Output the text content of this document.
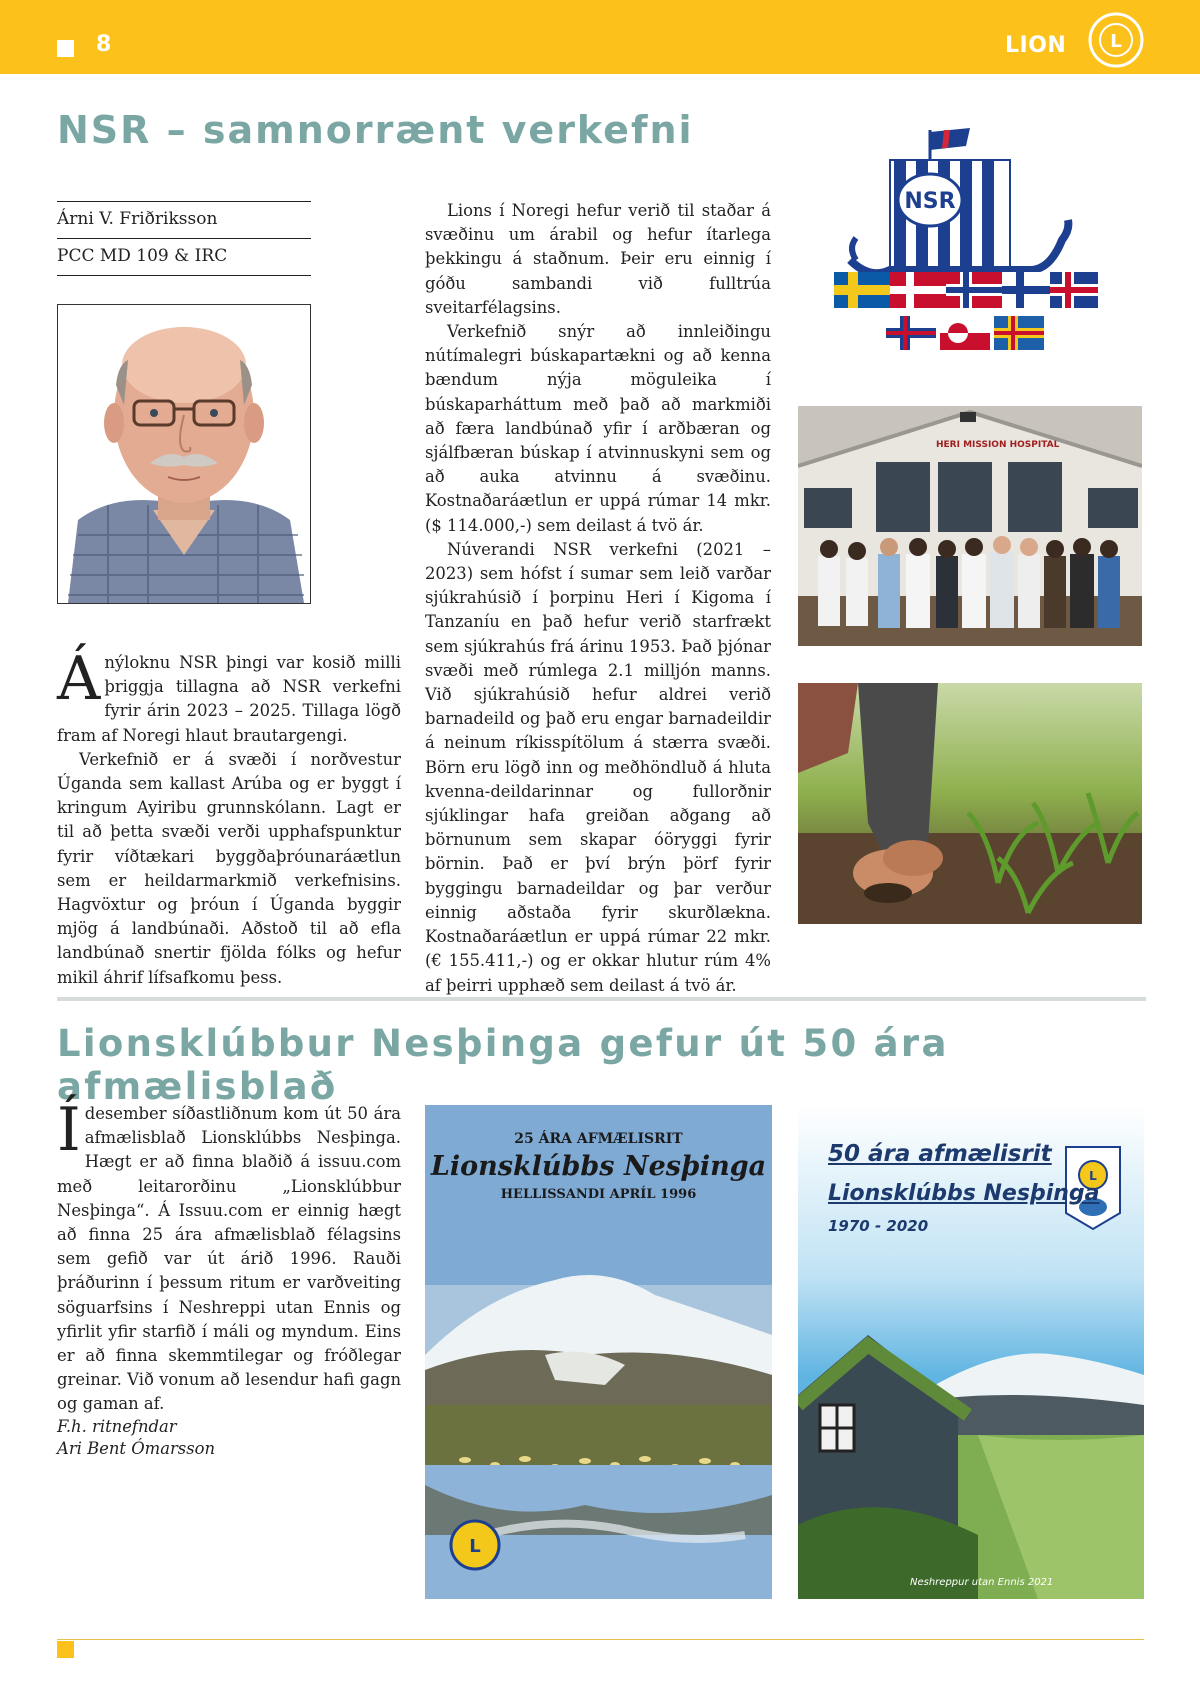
8	LION L
NSR – samnorrænt verkefni
Árni V. Friðriksson
PCC MD 109 & IRC

Ánýloknu NSR þingi var kosið milli þriggja tillagna að NSR verkefni fyrir árin 2023 – 2025. Tillaga lögð fram af Noregi hlaut brautargengi.

Verkefnið er á svæði í norðvestur Úganda sem kallast Arúba og er byggt í kringum Ayiribu grunnskólann. Lagt er til að þetta svæði verði upphafspunktur fyrir víðtækari byggðaþróunaráætlun sem er heildarmarkmið verkefnisins. Hagvöxtur og þróun í Úganda byggir mjög á landbúnaði. Aðstoð til að efla landbúnað snertir fjölda fólks og hefur mikil áhrif lífsafkomu þess.

Lions í Noregi hefur verið til staðar á svæðinu um árabil og hefur ítarlega þekkingu á staðnum. Þeir eru einnig í góðu sambandi við fulltrúa sveitarfélagsins.

Verkefnið snýr að innleiðingu nútímalegri búskapartækni og að kenna bændum nýja möguleika í búskaparháttum með það að markmiði að færa landbúnað yfir í arðbæran og sjálfbæran búskap í atvinnuskyni sem og að auka atvinnu á svæðinu. Kostnaðaráætlun er uppá rúmar 14 mkr. ($ 114.000,-) sem deilast á tvö ár.

Núverandi NSR verkefni (2021 – 2023) sem hófst í sumar sem leið varðar sjúkrahúsið í þorpinu Heri í Kigoma í Tanzaníu en það hefur verið starfrækt sem sjúkrahús frá árinu 1953. Það þjónar svæði með rúmlega 2.1 milljón manns. Við sjúkrahúsið hefur aldrei verið barnadeild og það eru engar barnadeildir á neinum ríkisspítölum á stærra svæði. Börn eru lögð inn og meðhöndluð á hluta kvenna-deildarinnar og fullorðnir sjúklingar hafa greiðan aðgang að börnunum sem skapar óöryggi fyrir börnin. Það er því brýn þörf fyrir byggingu barnadeildar og þar verður einnig aðstaða fyrir skurðlækna. Kostnaðaráætlun er uppá rúmar 22 mkr. (€ 155.411,-) og er okkar hlutur rúm 4% af þeirri upphæð sem deilast á tvö ár.

NSR
HERI MISSION HOSPITAL
Lionsklúbbur Nesþinga gefur út 50 ára afmælisblað

Ídesember síðastliðnum kom út 50 ára afmælisblað Lionsklúbbs Nesþinga. Hægt er að finna blaðið á issuu.com með leitarorðinu „Lionsklúbbur Nesþinga“. Á Issuu.com er einnig hægt að finna 25 ára afmælisblað félagsins sem gefið var út árið 1996. Rauði þráðurinn í þessum ritum er varðveiting söguarfsins í Neshreppi utan Ennis og yfirlit yfir starfið í máli og myndum. Eins er að finna skemmtilegar og fróðlegar greinar. Við vonum að lesendur hafi gagn og gaman af.

F.h. ritnefndar
Ari Bent Ómarsson
L
25 ÁRA AFMÆLISRIT
Lionsklúbbs Nesþinga
HELLISSANDI APRÍL 1996
L
50 ára afmælisrit
Lionsklúbbs Nesþinga
1970 - 2020
Neshreppur utan Ennis 2021
